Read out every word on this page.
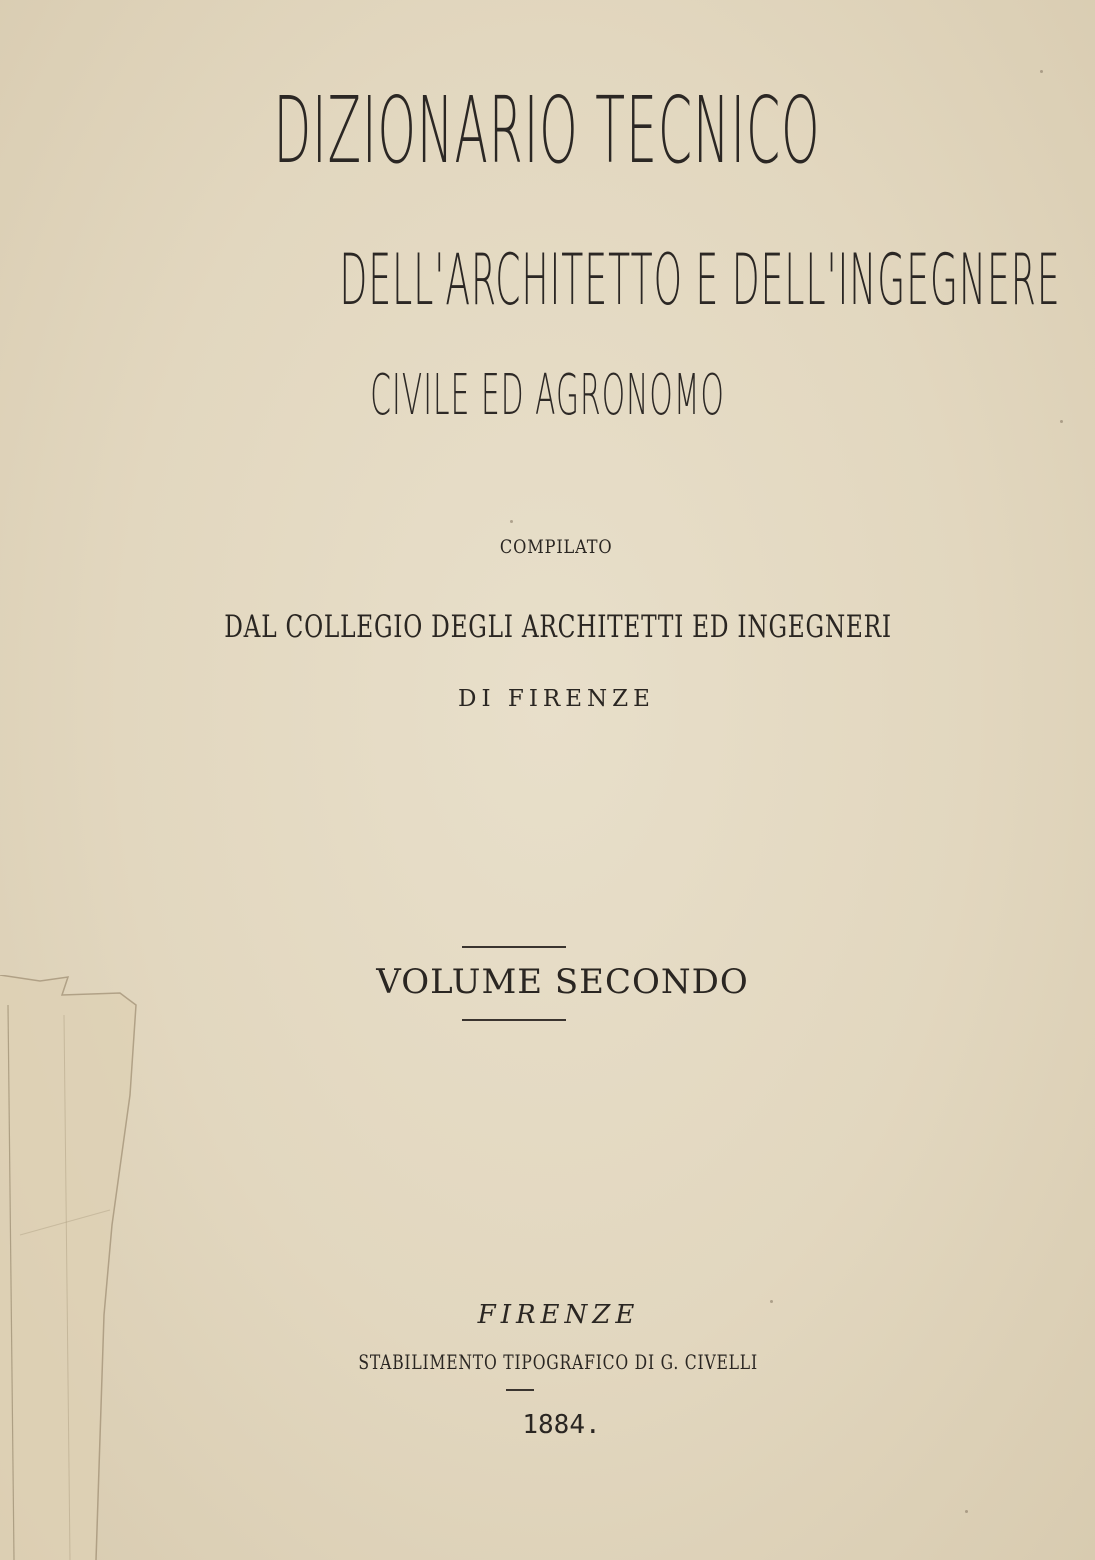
DIZIONARIO TECNICO
DELL'ARCHITETTO E DELL'INGEGNERE
CIVILE ED AGRONOMO
COMPILATO
DAL COLLEGIO DEGLI ARCHITETTI ED INGEGNERI
DI FIRENZE
VOLUME SECONDO
FIRENZE
STABILIMENTO TIPOGRAFICO DI G. CIVELLI
1884.
